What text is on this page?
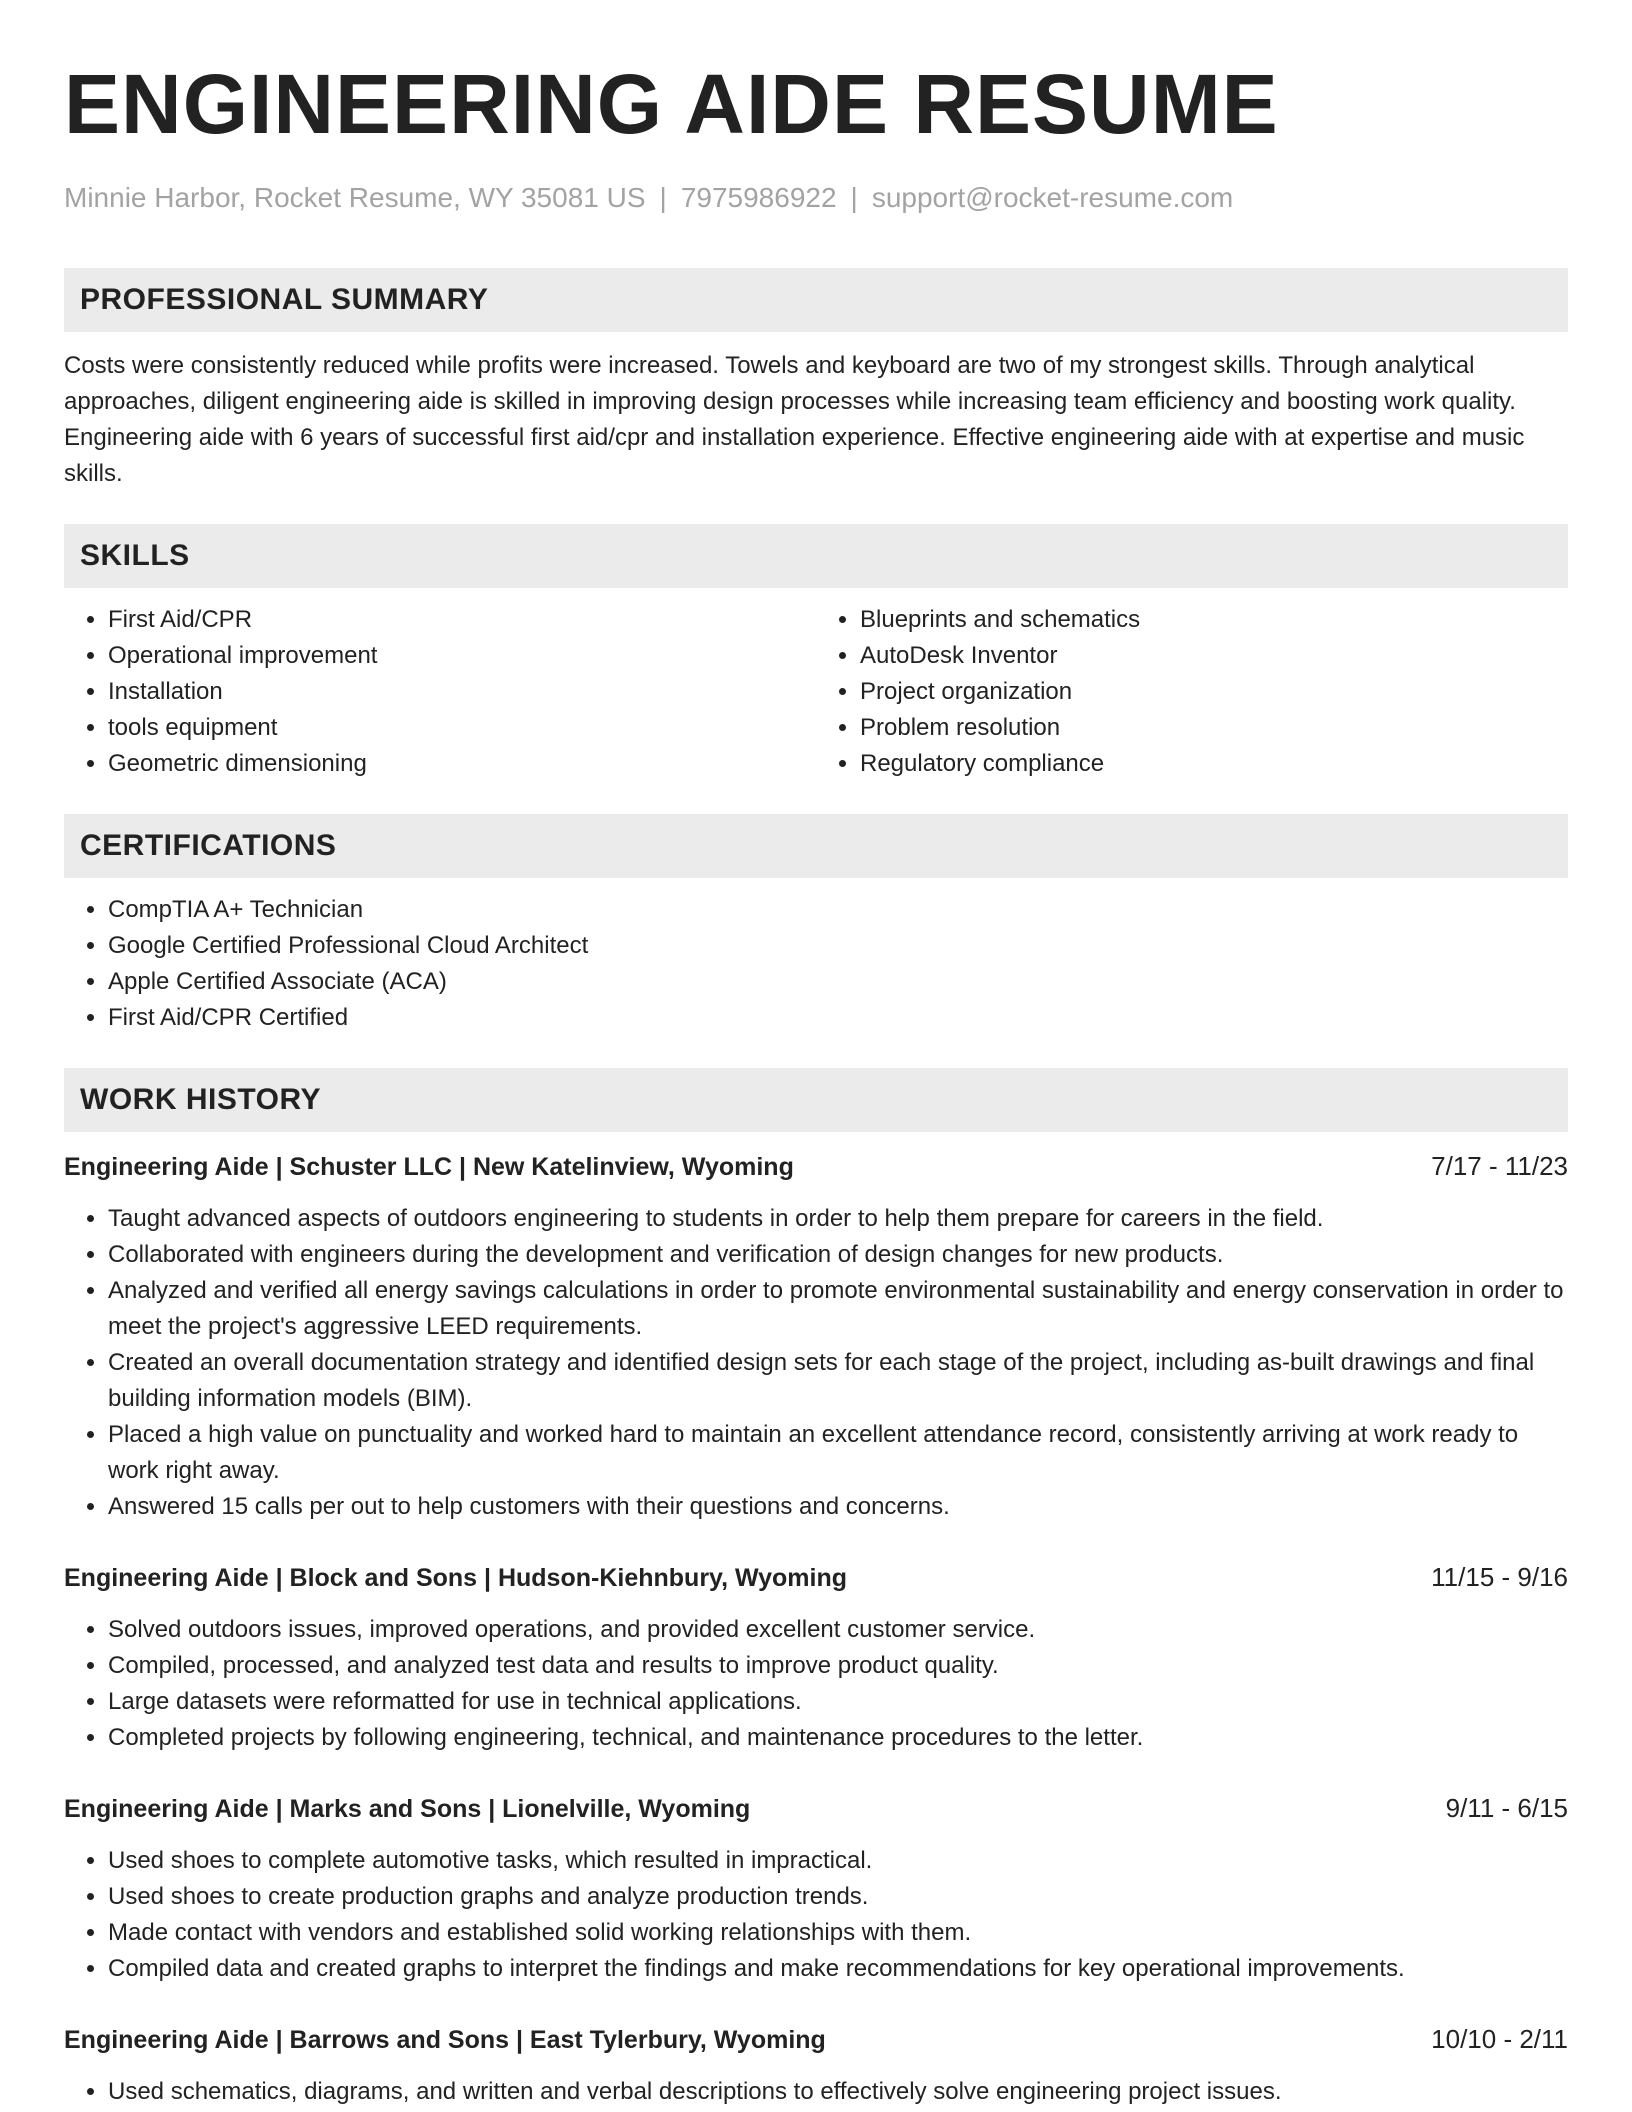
ENGINEERING AIDE RESUME
Minnie Harbor, Rocket Resume, WY 35081 US | 7975986922 | support@rocket-resume.com
PROFESSIONAL SUMMARY

Costs were consistently reduced while profits were increased. Towels and keyboard are two of my strongest skills. Through analytical approaches, diligent engineering aide is skilled in improving design processes while increasing team efficiency and boosting work quality. Engineering aide with 6 years of successful first aid/cpr and installation experience. Effective engineering aide with at expertise and music skills.

SKILLS
• First Aid/CPR
• Operational improvement
• Installation
• tools equipment
• Geometric dimensioning
• Blueprints and schematics
• AutoDesk Inventor
• Project organization
• Problem resolution
• Regulatory compliance
CERTIFICATIONS
• CompTIA A+ Technician
• Google Certified Professional Cloud Architect
• Apple Certified Associate (ACA)
• First Aid/CPR Certified
WORK HISTORY
Engineering Aide | Schuster LLC | New Katelinview, Wyoming	7/17 - 11/23
• Taught advanced aspects of outdoors engineering to students in order to help them prepare for careers in the field.
• Collaborated with engineers during the development and verification of design changes for new products.
• Analyzed and verified all energy savings calculations in order to promote environmental sustainability and energy conservation in order to meet the project's aggressive LEED requirements.
• Created an overall documentation strategy and identified design sets for each stage of the project, including as-built drawings and final building information models (BIM).
• Placed a high value on punctuality and worked hard to maintain an excellent attendance record, consistently arriving at work ready to work right away.
• Answered 15 calls per out to help customers with their questions and concerns.
Engineering Aide | Block and Sons | Hudson-Kiehnbury, Wyoming	11/15 - 9/16
• Solved outdoors issues, improved operations, and provided excellent customer service.
• Compiled, processed, and analyzed test data and results to improve product quality.
• Large datasets were reformatted for use in technical applications.
• Completed projects by following engineering, technical, and maintenance procedures to the letter.
Engineering Aide | Marks and Sons | Lionelville, Wyoming	9/11 - 6/15
• Used shoes to complete automotive tasks, which resulted in impractical.
• Used shoes to create production graphs and analyze production trends.
• Made contact with vendors and established solid working relationships with them.
• Compiled data and created graphs to interpret the findings and make recommendations for key operational improvements.
Engineering Aide | Barrows and Sons | East Tylerbury, Wyoming	10/10 - 2/11
• Used schematics, diagrams, and written and verbal descriptions to effectively solve engineering project issues.
